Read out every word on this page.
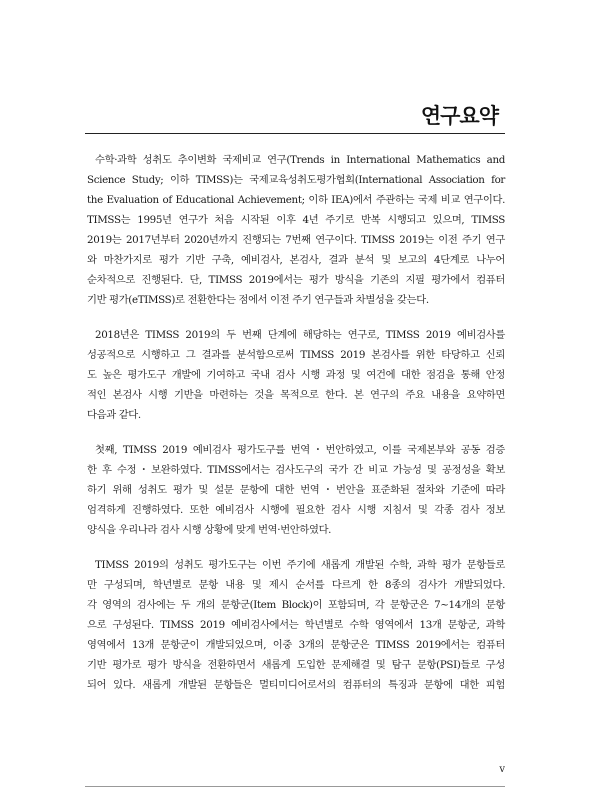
연구요약
수학·과학 성취도 추이변화 국제비교 연구(Trends in International Mathematics and
Science Study; 이하 TIMSS)는 국제교육성취도평가협회(International Association for
the Evaluation of Educational Achievement; 이하 IEA)에서 주관하는 국제 비교 연구이다.
TIMSS는 1995년 연구가 처음 시작된 이후 4년 주기로 반복 시행되고 있으며, TIMSS
2019는 2017년부터 2020년까지 진행되는 7번째 연구이다. TIMSS 2019는 이전 주기 연구
와 마찬가지로 평가 기반 구축, 예비검사, 본검사, 결과 분석 및 보고의 4단계로 나누어
순차적으로 진행된다. 단, TIMSS 2019에서는 평가 방식을 기존의 지필 평가에서 컴퓨터
기반 평가(eTIMSS)로 전환한다는 점에서 이전 주기 연구들과 차별성을 갖는다.
2018년은 TIMSS 2019의 두 번째 단계에 해당하는 연구로, TIMSS 2019 예비검사를
성공적으로 시행하고 그 결과를 분석함으로써 TIMSS 2019 본검사를 위한 타당하고 신뢰
도 높은 평가도구 개발에 기여하고 국내 검사 시행 과정 및 여건에 대한 점검을 통해 안정
적인 본검사 시행 기반을 마련하는 것을 목적으로 한다. 본 연구의 주요 내용을 요약하면
다음과 같다.
첫째, TIMSS 2019 예비검사 평가도구를 번역・번안하였고, 이를 국제본부와 공동 검증
한 후 수정・보완하였다. TIMSS에서는 검사도구의 국가 간 비교 가능성 및 공정성을 확보
하기 위해 성취도 평가 및 설문 문항에 대한 번역・번안을 표준화된 절차와 기준에 따라
엄격하게 진행하였다. 또한 예비검사 시행에 필요한 검사 시행 지침서 및 각종 검사 정보
양식을 우리나라 검사 시행 상황에 맞게 번역·번안하였다.
TIMSS 2019의 성취도 평가도구는 이번 주기에 새롭게 개발된 수학, 과학 평가 문항들로
만 구성되며, 학년별로 문항 내용 및 제시 순서를 다르게 한 8종의 검사가 개발되었다.
각 영역의 검사에는 두 개의 문항군(Item Block)이 포함되며, 각 문항군은 7∼14개의 문항
으로 구성된다. TIMSS 2019 예비검사에서는 학년별로 수학 영역에서 13개 문항군, 과학
영역에서 13개 문항군이 개발되었으며, 이중 3개의 문항군은 TIMSS 2019에서는 컴퓨터
기반 평가로 평가 방식을 전환하면서 새롭게 도입한 문제해결 및 탐구 문항(PSI)들로 구성
되어 있다. 새롭게 개발된 문항들은 멀티미디어로서의 컴퓨터의 특징과 문항에 대한 피험
v
